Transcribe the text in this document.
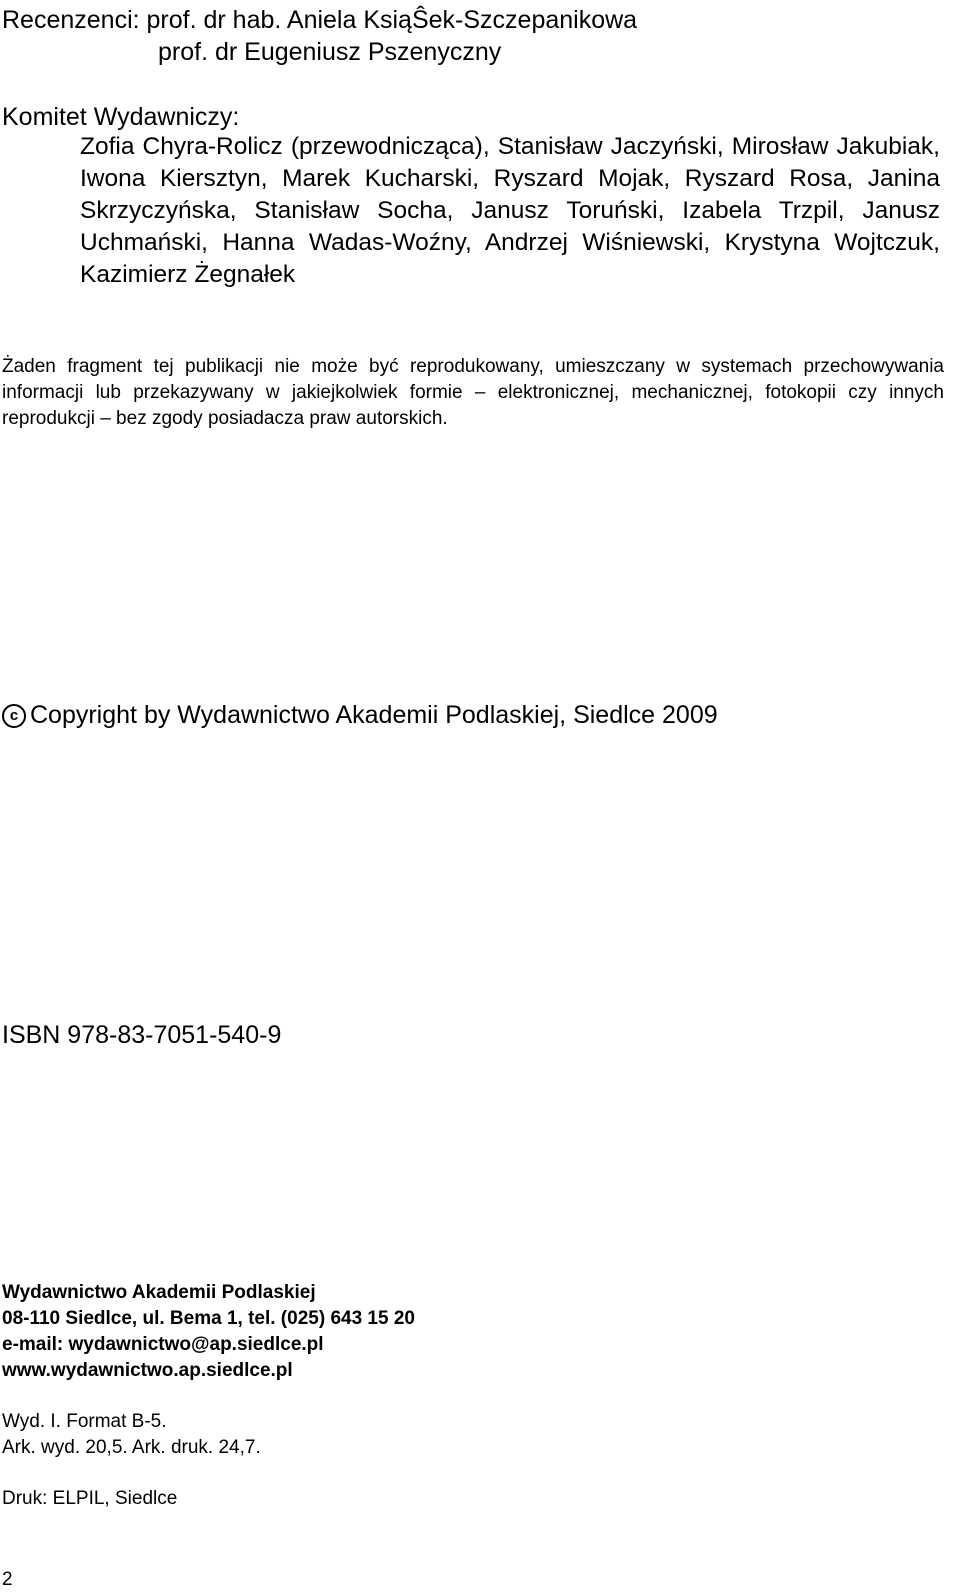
Recenzenci: prof. dr hab. Aniela KsiąŜek-Szczepanikowa
prof. dr Eugeniusz Pszenyczny

Komitet Wydawniczy:

Zofia Chyra-Rolicz (przewodnicząca), Stanisław Jaczyński, Mirosław Jakubiak, Iwona Kiersztyn, Marek Kucharski, Ryszard Mojak, Ryszard Rosa, Janina Skrzyczyńska, Stanisław Socha, Janusz Toruński, Izabela Trzpil, Janusz Uchmański, Hanna Wadas-Woźny, Andrzej Wiśniewski, Krystyna Wojtczuk, Kazimierz Żegnałek

Żaden fragment tej publikacji nie może być reprodukowany, umieszczany w systemach przechowywania informacji lub przekazywany w jakiejkolwiek formie – elektronicznej, mechanicznej, fotokopii czy innych reprodukcji – bez zgody posiadacza praw autorskich.

c Copyright by Wydawnictwo Akademii Podlaskiej, Siedlce 2009

ISBN 978-83-7051-540-9

Wydawnictwo Akademii Podlaskiej
08-110 Siedlce, ul. Bema 1, tel. (025) 643 15 20
e-mail: wydawnictwo@ap.siedlce.pl
www.wydawnictwo.ap.siedlce.pl
Wyd. I. Format B-5.
Ark. wyd. 20,5. Ark. druk. 24,7.

Druk: ELPIL, Siedlce

2
